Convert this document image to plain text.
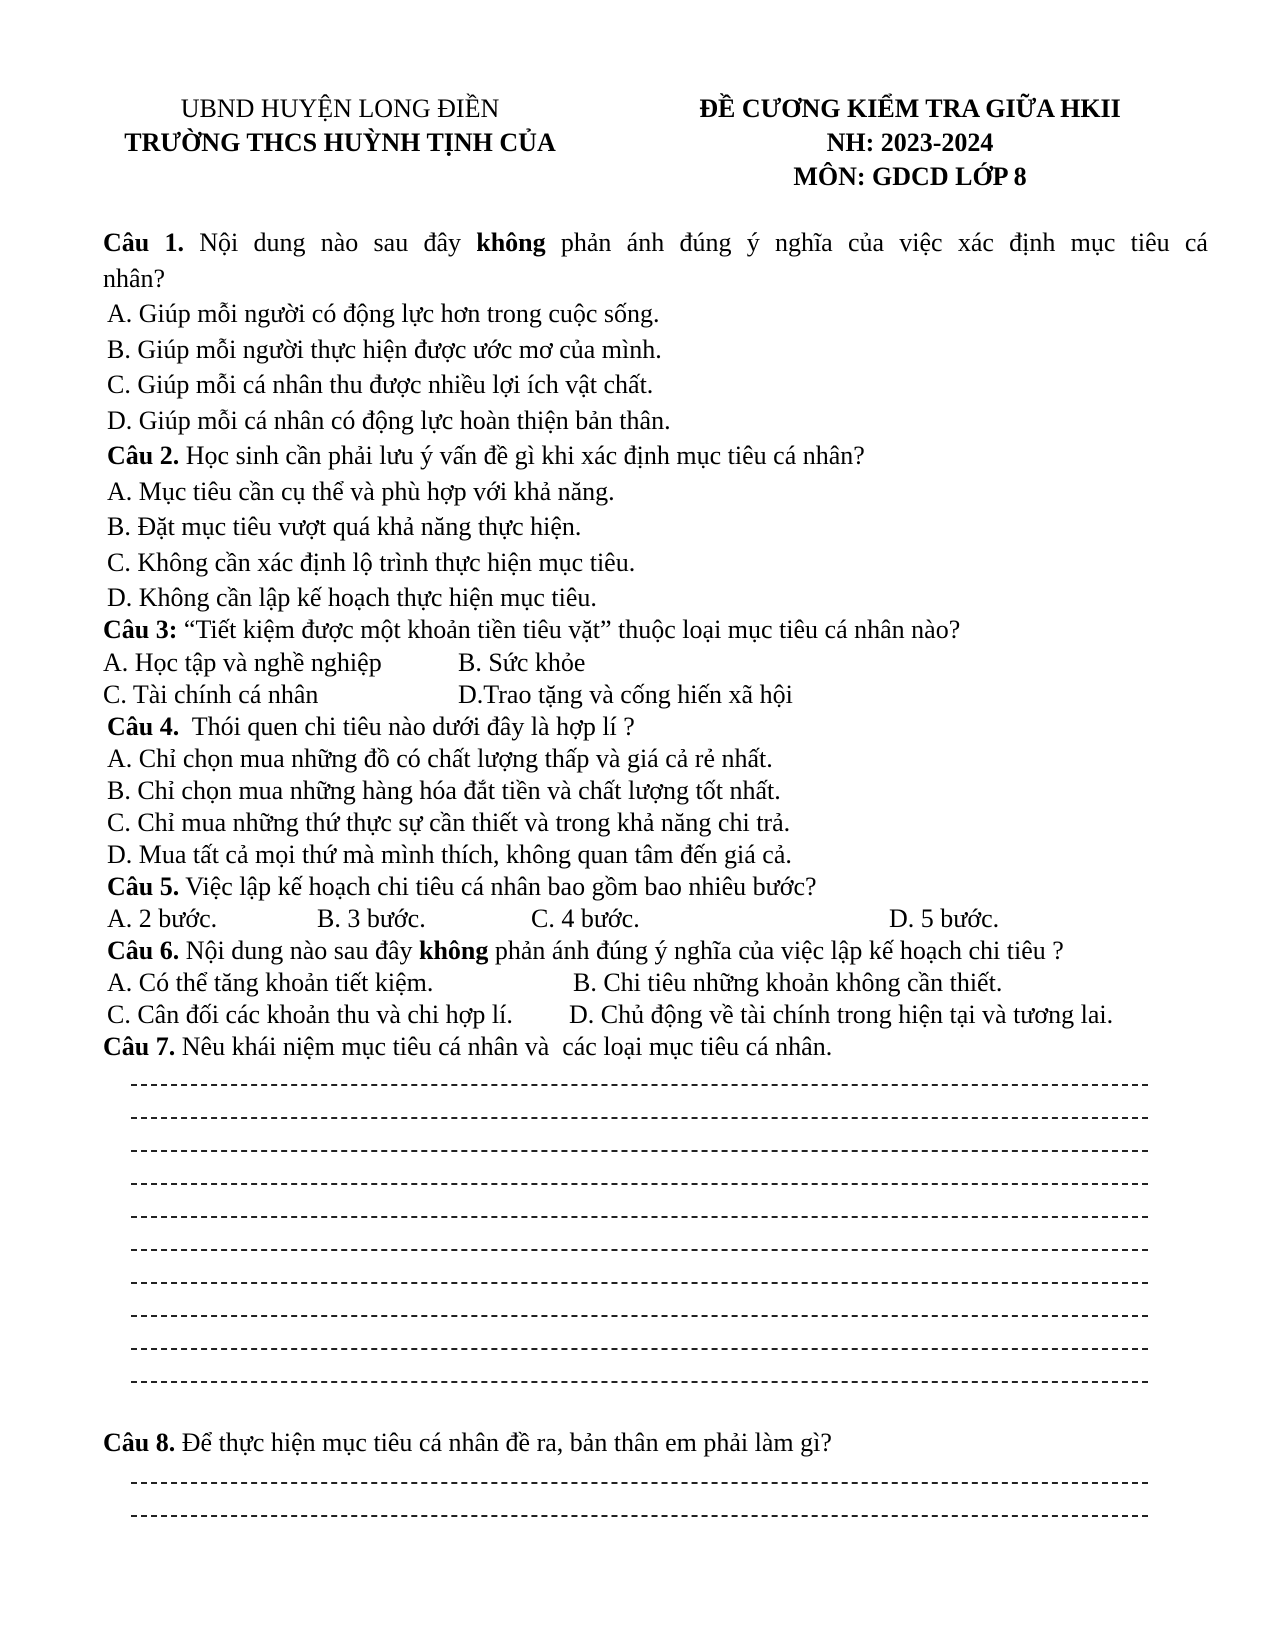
UBND HUYỆN LONG ĐIỀN
TRƯỜNG THCS HUỲNH TỊNH CỦA
ĐỀ CƯƠNG KIỂM TRA GIỮA HKII
NH: 2023-2024
MÔN: GDCD LỚP 8
Câu 1. Nội dung nào sau đây không phản ánh đúng ý nghĩa của việc xác định mục tiêu cá
nhân?
A. Giúp mỗi người có động lực hơn trong cuộc sống.
B. Giúp mỗi người thực hiện được ước mơ của mình.
C. Giúp mỗi cá nhân thu được nhiều lợi ích vật chất.
D. Giúp mỗi cá nhân có động lực hoàn thiện bản thân.
Câu 2. Học sinh cần phải lưu ý vấn đề gì khi xác định mục tiêu cá nhân?
A. Mục tiêu cần cụ thể và phù hợp với khả năng.
B. Đặt mục tiêu vượt quá khả năng thực hiện.
C. Không cần xác định lộ trình thực hiện mục tiêu.
D. Không cần lập kế hoạch thực hiện mục tiêu.
Câu 3: “Tiết kiệm được một khoản tiền tiêu vặt” thuộc loại mục tiêu cá nhân nào?
A. Học tập và nghề nghiệp	B. Sức khỏe
C. Tài chính cá nhân	D.Trao tặng và cống hiến xã hội
Câu 4.  Thói quen chi tiêu nào dưới đây là hợp lí ?
A. Chỉ chọn mua những đồ có chất lượng thấp và giá cả rẻ nhất.
B. Chỉ chọn mua những hàng hóa đắt tiền và chất lượng tốt nhất.
C. Chỉ mua những thứ thực sự cần thiết và trong khả năng chi trả.
D. Mua tất cả mọi thứ mà mình thích, không quan tâm đến giá cả.
Câu 5. Việc lập kế hoạch chi tiêu cá nhân bao gồm bao nhiêu bước?
A. 2 bước.	B. 3 bước.	C. 4 bước.	D. 5 bước.
Câu 6. Nội dung nào sau đây không phản ánh đúng ý nghĩa của việc lập kế hoạch chi tiêu ?
A. Có thể tăng khoản tiết kiệm.	B. Chi tiêu những khoản không cần thiết.
C. Cân đối các khoản thu và chi hợp lí.	D. Chủ động về tài chính trong hiện tại và tương lai.
Câu 7. Nêu khái niệm mục tiêu cá nhân và  các loại mục tiêu cá nhân.
Câu 8. Để thực hiện mục tiêu cá nhân đề ra, bản thân em phải làm gì?
